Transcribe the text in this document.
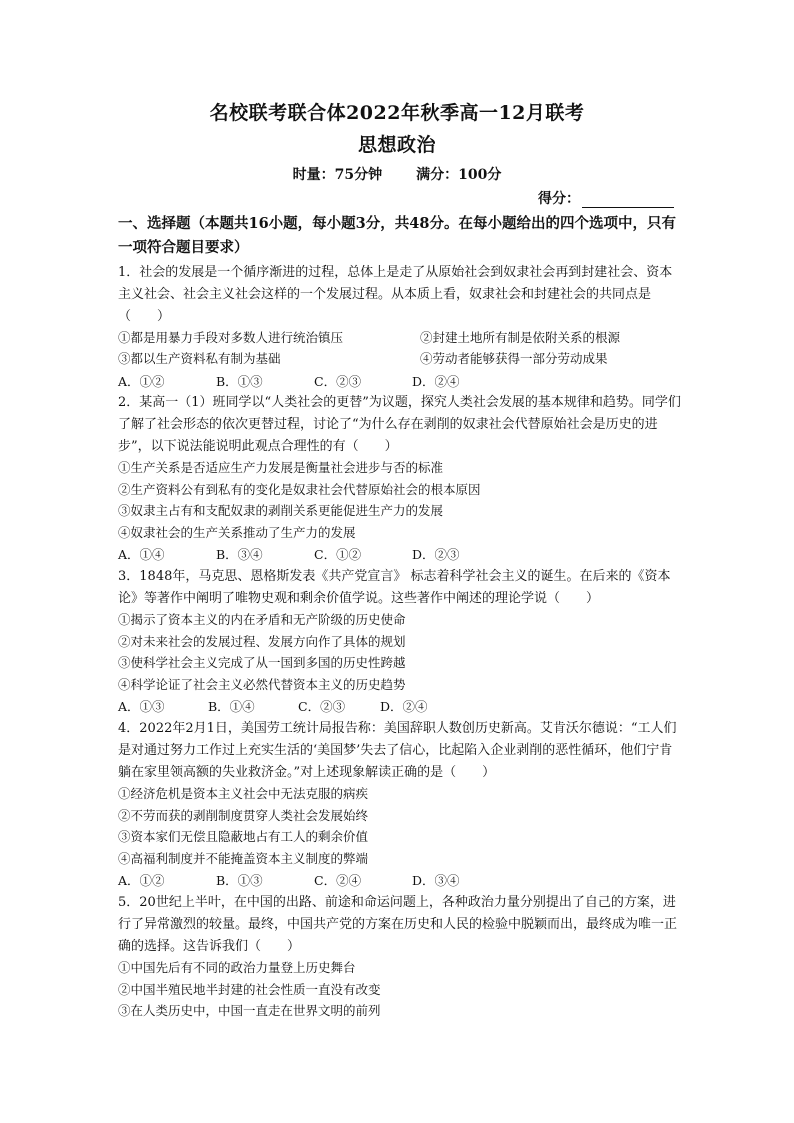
名校联考联合体2022年秋季高一12月联考
思想政治
时量：75分钟 满分：100分
得分：
一、选择题（本题共16小题，每小题3分，共48分。在每小题给出的四个选项中，只有一项符合题目要求）
1．社会的发展是一个循序渐进的过程，总体上是走了从原始社会到奴隶社会再到封建社会、资本主义社会、社会主义社会这样的一个发展过程。从本质上看，奴隶社会和封建社会的共同点是（　　）
①都是用暴力手段对多数人进行统治镇压	②封建土地所有制是依附关系的根源
③都以生产资料私有制为基础	④劳动者能够获得一部分劳动成果
A．①②	B．①③	C．②③	D．②④
2．某高一（1）班同学以“人类社会的更替”为议题，探究人类社会发展的基本规律和趋势。同学们了解了社会形态的依次更替过程，讨论了“为什么存在剥削的奴隶社会代替原始社会是历史的进步”，以下说法能说明此观点合理性的有（　　）
①生产关系是否适应生产力发展是衡量社会进步与否的标准
②生产资料公有到私有的变化是奴隶社会代替原始社会的根本原因
③奴隶主占有和支配奴隶的剥削关系更能促进生产力的发展
④奴隶社会的生产关系推动了生产力的发展
A．①④	B．③④	C．①②	D．②③
3．1848年，马克思、恩格斯发表《共产党宣言》 标志着科学社会主义的诞生。在后来的《资本论》等著作中阐明了唯物史观和剩余价值学说。这些著作中阐述的理论学说（　　）
①揭示了资本主义的内在矛盾和无产阶级的历史使命
②对未来社会的发展过程、发展方向作了具体的规划
③使科学社会主义完成了从一国到多国的历史性跨越
④科学论证了社会主义必然代替资本主义的历史趋势
A．①③	B．①④	C．②③	D．②④
4．2022年2月1日，美国劳工统计局报告称：美国辞职人数创历史新高。艾肯沃尔德说：“工人们是对通过努力工作过上充实生活的‘美国梦’失去了信心，比起陷入企业剥削的恶性循环，他们宁肯躺在家里领高额的失业救济金。”对上述现象解读正确的是（　　）
①经济危机是资本主义社会中无法克服的病疾
②不劳而获的剥削制度贯穿人类社会发展始终
③资本家们无偿且隐蔽地占有工人的剩余价值
④高福利制度并不能掩盖资本主义制度的弊端
A．①②	B．①③	C．②④	D．③④
5．20世纪上半叶，在中国的出路、前途和命运问题上，各种政治力量分别提出了自己的方案，进行了异常激烈的较量。最终，中国共产党的方案在历史和人民的检验中脱颖而出，最终成为唯一正确的选择。这告诉我们（　　）
①中国先后有不同的政治力量登上历史舞台
②中国半殖民地半封建的社会性质一直没有改变
③在人类历史中，中国一直走在世界文明的前列
